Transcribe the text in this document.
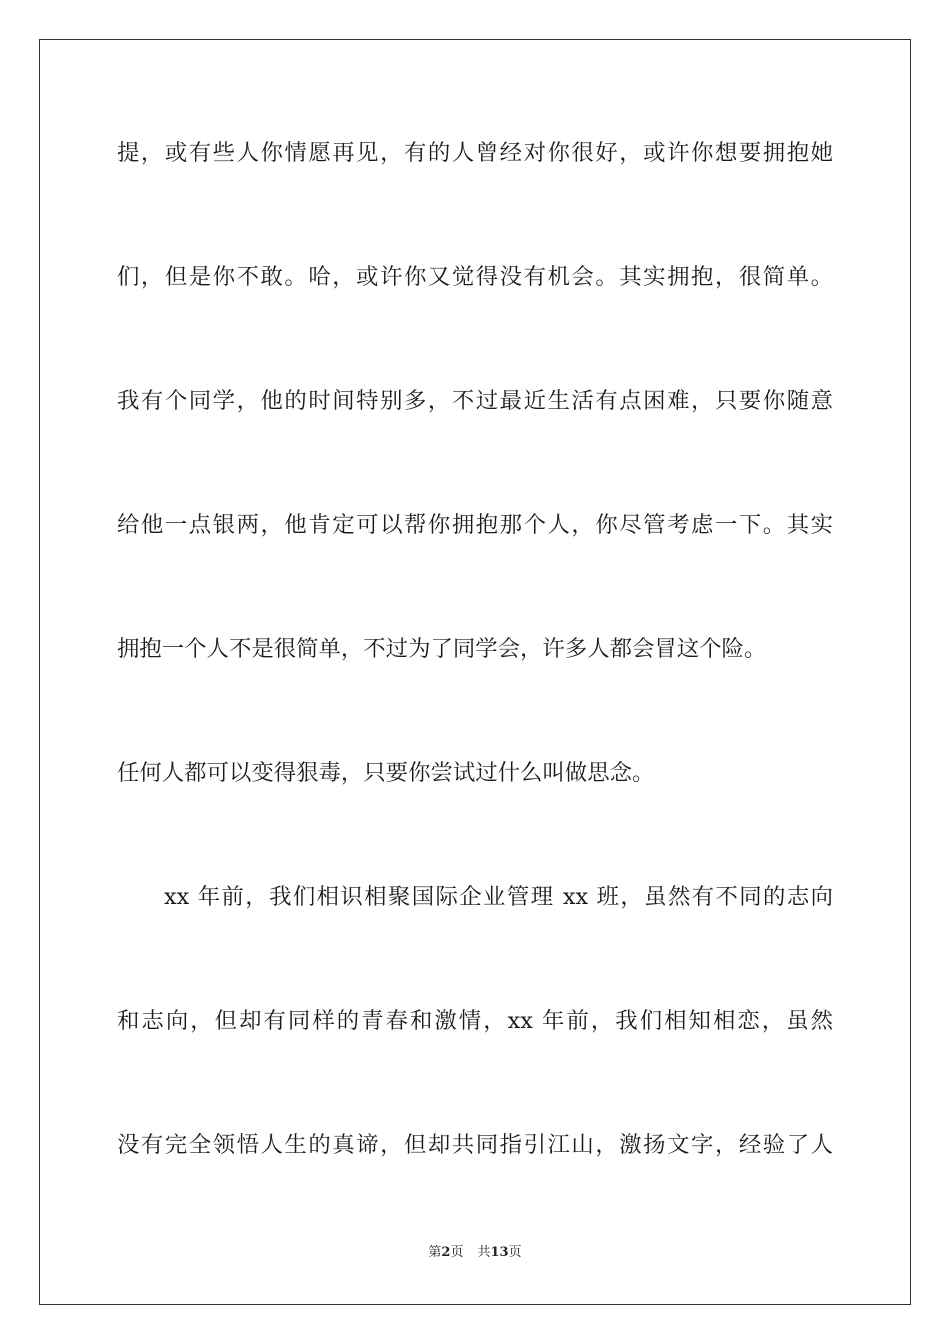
提，或有些人你情愿再见，有的人曾经对你很好，或许你想要拥抱她
们，但是你不敢。哈，或许你又觉得没有机会。其实拥抱，很简单。
我有个同学，他的时间特别多，不过最近生活有点困难，只要你随意
给他一点银两，他肯定可以帮你拥抱那个人，你尽管考虑一下。其实
拥抱一个人不是很简单，不过为了同学会，许多人都会冒这个险。
任何人都可以变得狠毒，只要你尝试过什么叫做思念。
xx 年前，我们相识相聚国际企业管理 xx 班，虽然有不同的志向
和志向，但却有同样的青春和激情，xx 年前，我们相知相恋，虽然
没有完全领悟人生的真谛，但却共同指引江山，激扬文字，经验了人
第2页 共13页
